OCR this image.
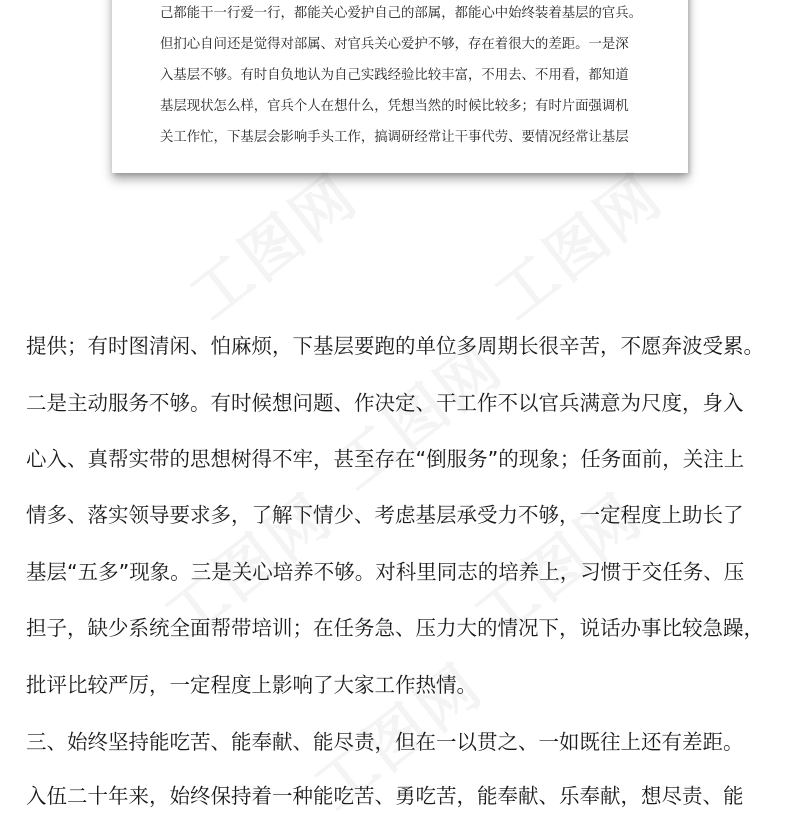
己都能干一行爱一行，都能关心爱护自己的部属，都能心中始终装着基层的官兵。
但扪心自问还是觉得对部属、对官兵关心爱护不够，存在着很大的差距。一是深
入基层不够。有时自负地认为自己实践经验比较丰富，不用去、不用看，都知道
基层现状怎么样，官兵个人在想什么，凭想当然的时候比较多；有时片面强调机
关工作忙，下基层会影响手头工作，搞调研经常让干事代劳、要情况经常让基层
提供；有时图清闲、怕麻烦，下基层要跑的单位多周期长很辛苦，不愿奔波受累。
二是主动服务不够。有时候想问题、作决定、干工作不以官兵满意为尺度，身入
心入、真帮实带的思想树得不牢，甚至存在“倒服务”的现象；任务面前，关注上
情多、落实领导要求多，了解下情少、考虑基层承受力不够，一定程度上助长了
基层“五多”现象。三是关心培养不够。对科里同志的培养上，习惯于交任务、压
担子，缺少系统全面帮带培训；在任务急、压力大的情况下，说话办事比较急躁，
批评比较严厉，一定程度上影响了大家工作热情。
三、始终坚持能吃苦、能奉献、能尽责，但在一以贯之、一如既往上还有差距。
入伍二十年来，始终保持着一种能吃苦、勇吃苦，能奉献、乐奉献，想尽责、能
